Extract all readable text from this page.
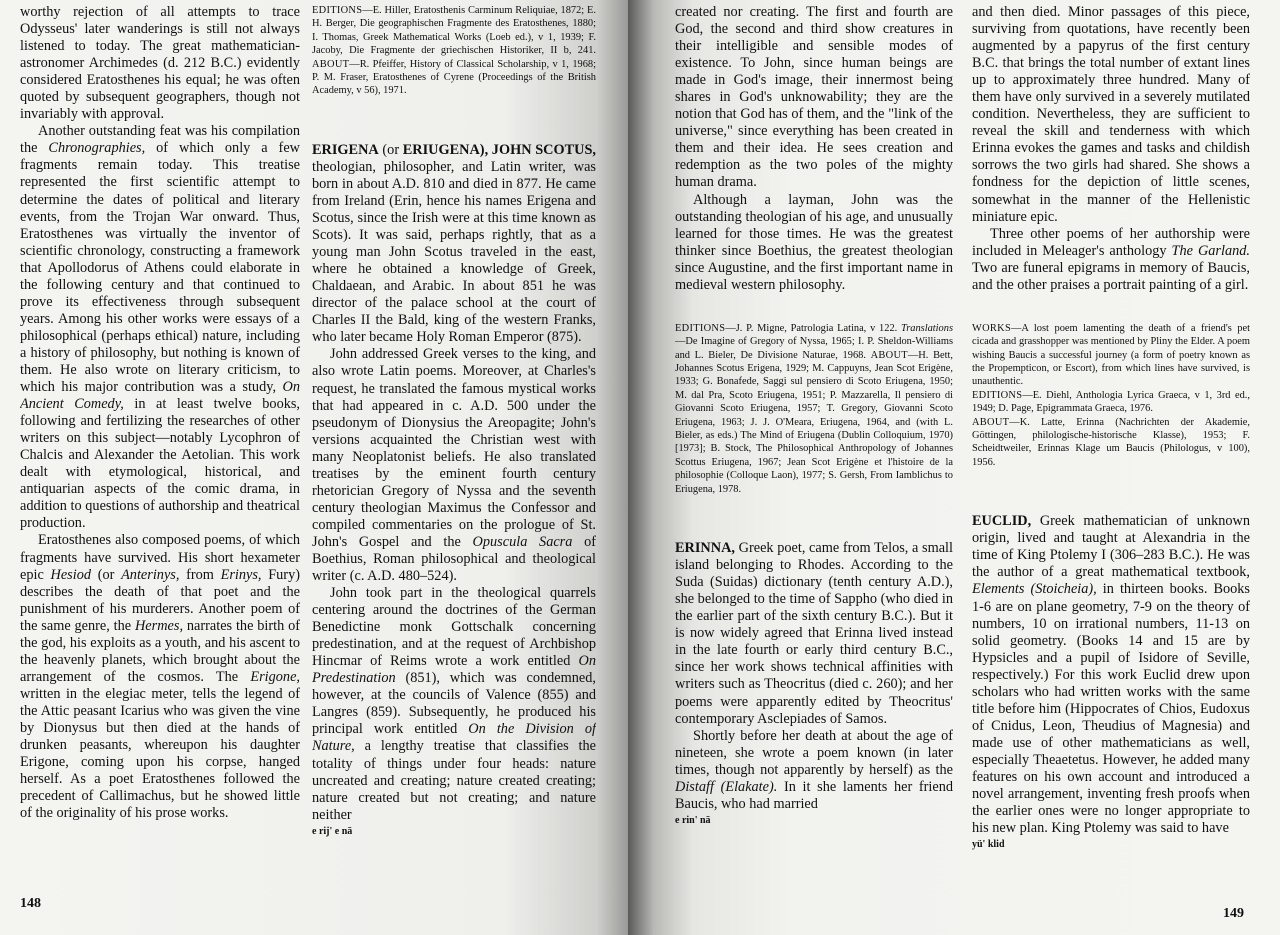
worthy rejection of all attempts to trace Odysseus' later wanderings is still not always listened to today. The great mathematician-astronomer Archimedes (d. 212 B.C.) evidently considered Eratosthenes his equal; he was often quoted by subsequent geographers, though not invariably with approval.

Another outstanding feat was his compilation the Chronographies, of which only a few fragments remain today. This treatise represented the first scientific attempt to determine the dates of political and literary events, from the Trojan War onward. Thus, Eratosthenes was virtually the inventor of scientific chronology, constructing a framework that Apollodorus of Athens could elaborate in the following century and that continued to prove its effectiveness through subsequent years. Among his other works were essays of a philosophical (perhaps ethical) nature, including a history of philosophy, but nothing is known of them. He also wrote on literary criticism, to which his major contribution was a study, On Ancient Comedy, in at least twelve books, following and fertilizing the researches of other writers on this subject—notably Lycophron of Chalcis and Alexander the Aetolian. This work dealt with etymological, historical, and antiquarian aspects of the comic drama, in addition to questions of authorship and theatrical production.

Eratosthenes also composed poems, of which fragments have survived. His short hexameter epic Hesiod (or Anterinys, from Erinys, Fury) describes the death of that poet and the punishment of his murderers. Another poem of the same genre, the Hermes, narrates the birth of the god, his exploits as a youth, and his ascent to the heavenly planets, which brought about the arrangement of the cosmos. The Erigone, written in the elegiac meter, tells the legend of the Attic peasant Icarius who was given the vine by Dionysus but then died at the hands of drunken peasants, whereupon his daughter Erigone, coming upon his corpse, hanged herself. As a poet Eratosthenes followed the precedent of Callimachus, but he showed little of the originality of his prose works.

EDITIONS—E. Hiller, Eratosthenis Carminum Reliquiae, 1872; E. H. Berger, Die geographischen Fragmente des Eratosthenes, 1880; I. Thomas, Greek Mathematical Works (Loeb ed.), v 1, 1939; F. Jacoby, Die Fragmente der griechischen Historiker, II b, 241. ABOUT—R. Pfeiffer, History of Classical Scholarship, v 1, 1968; P. M. Fraser, Eratosthenes of Cyrene (Proceedings of the British Academy, v 56), 1971.

ERIGENA (or ERIUGENA), JOHN SCOTUS, theologian, philosopher, and Latin writer, was born in about A.D. 810 and died in 877. He came from Ireland (Erin, hence his names Erigena and Scotus, since the Irish were at this time known as Scots). It was said, perhaps rightly, that as a young man John Scotus traveled in the east, where he obtained a knowledge of Greek, Chaldaean, and Arabic. In about 851 he was director of the palace school at the court of Charles II the Bald, king of the western Franks, who later became Holy Roman Emperor (875).

John addressed Greek verses to the king, and also wrote Latin poems. Moreover, at Charles's request, he translated the famous mystical works that had appeared in c. A.D. 500 under the pseudonym of Dionysius the Areopagite; John's versions acquainted the Christian west with many Neoplatonist beliefs. He also translated treatises by the eminent fourth century rhetorician Gregory of Nyssa and the seventh century theologian Maximus the Confessor and compiled commentaries on the prologue of St. John's Gospel and the Opuscula Sacra of Boethius, Roman philosophical and theological writer (c. A.D. 480–524).

John took part in the theological quarrels centering around the doctrines of the German Benedictine monk Gottschalk concerning predestination, and at the request of Archbishop Hincmar of Reims wrote a work entitled On Predestination (851), which was condemned, however, at the councils of Valence (855) and Langres (859). Subsequently, he produced his principal work entitled On the Division of Nature, a lengthy treatise that classifies the totality of things under four heads: nature uncreated and creating; nature created creating; nature created but not creating; and nature neither

e rij' e nā
148

created nor creating. The first and fourth are God, the second and third show creatures in their intelligible and sensible modes of existence. To John, since human beings are made in God's image, their innermost being shares in God's unknowability; they are the notion that God has of them, and the "link of the universe," since everything has been created in them and their idea. He sees creation and redemption as the two poles of the mighty human drama.

Although a layman, John was the outstanding theologian of his age, and unusually learned for those times. He was the greatest thinker since Boethius, the greatest theologian since Augustine, and the first important name in medieval western philosophy.

EDITIONS—J. P. Migne, Patrologia Latina, v 122. Translations—De Imagine of Gregory of Nyssa, 1965; I. P. Sheldon-Williams and L. Bieler, De Divisione Naturae, 1968. ABOUT—H. Bett, Johannes Scotus Erigena, 1929; M. Cappuyns, Jean Scot Erigène, 1933; G. Bonafede, Saggi sul pensiero di Scoto Eriugena, 1950; M. dal Pra, Scoto Eriugena, 1951; P. Mazzarella, Il pensiero di Giovanni Scoto Eriugena, 1957; T. Gregory, Giovanni Scoto Eriugena, 1963; J. J. O'Meara, Eriugena, 1964, and (with L. Bieler, as eds.) The Mind of Eriugena (Dublin Colloquium, 1970) [1973]; B. Stock, The Philosophical Anthropology of Johannes Scottus Eriugena, 1967; Jean Scot Erigène et l'histoire de la philosophie (Colloque Laon), 1977; S. Gersh, From Iamblichus to Eriugena, 1978.

ERINNA, Greek poet, came from Telos, a small island belonging to Rhodes. According to the Suda (Suidas) dictionary (tenth century A.D.), she belonged to the time of Sappho (who died in the earlier part of the sixth century B.C.). But it is now widely agreed that Erinna lived instead in the late fourth or early third century B.C., since her work shows technical affinities with writers such as Theocritus (died c. 260); and her poems were apparently edited by Theocritus' contemporary Asclepiades of Samos.

Shortly before her death at about the age of nineteen, she wrote a poem known (in later times, though not apparently by herself) as the Distaff (Elakate). In it she laments her friend Baucis, who had married

e rin' nā

and then died. Minor passages of this piece, surviving from quotations, have recently been augmented by a papyrus of the first century B.C. that brings the total number of extant lines up to approximately three hundred. Many of them have only survived in a severely mutilated condition. Nevertheless, they are sufficient to reveal the skill and tenderness with which Erinna evokes the games and tasks and childish sorrows the two girls had shared. She shows a fondness for the depiction of little scenes, somewhat in the manner of the Hellenistic miniature epic.

Three other poems of her authorship were included in Meleager's anthology The Garland. Two are funeral epigrams in memory of Baucis, and the other praises a portrait painting of a girl.

WORKS—A lost poem lamenting the death of a friend's pet cicada and grasshopper was mentioned by Pliny the Elder. A poem wishing Baucis a successful journey (a form of poetry known as the Propempticon, or Escort), from which lines have survived, is unauthentic.

EDITIONS—E. Diehl, Anthologia Lyrica Graeca, v 1, 3rd ed., 1949; D. Page, Epigrammata Graeca, 1976.

ABOUT—K. Latte, Erinna (Nachrichten der Akademie, Göttingen, philologische-historische Klasse), 1953; F. Scheidtweiler, Erinnas Klage um Baucis (Philologus, v 100), 1956.

EUCLID, Greek mathematician of unknown origin, lived and taught at Alexandria in the time of King Ptolemy I (306–283 B.C.). He was the author of a great mathematical textbook, Elements (Stoicheia), in thirteen books. Books 1-6 are on plane geometry, 7-9 on the theory of numbers, 10 on irrational numbers, 11-13 on solid geometry. (Books 14 and 15 are by Hypsicles and a pupil of Isidore of Seville, respectively.) For this work Euclid drew upon scholars who had written works with the same title before him (Hippocrates of Chios, Eudoxus of Cnidus, Leon, Theudius of Magnesia) and made use of other mathematicians as well, especially Theaetetus. However, he added many features on his own account and introduced a novel arrangement, inventing fresh proofs when the earlier ones were no longer appropriate to his new plan. King Ptolemy was said to have

yü' klid
149
